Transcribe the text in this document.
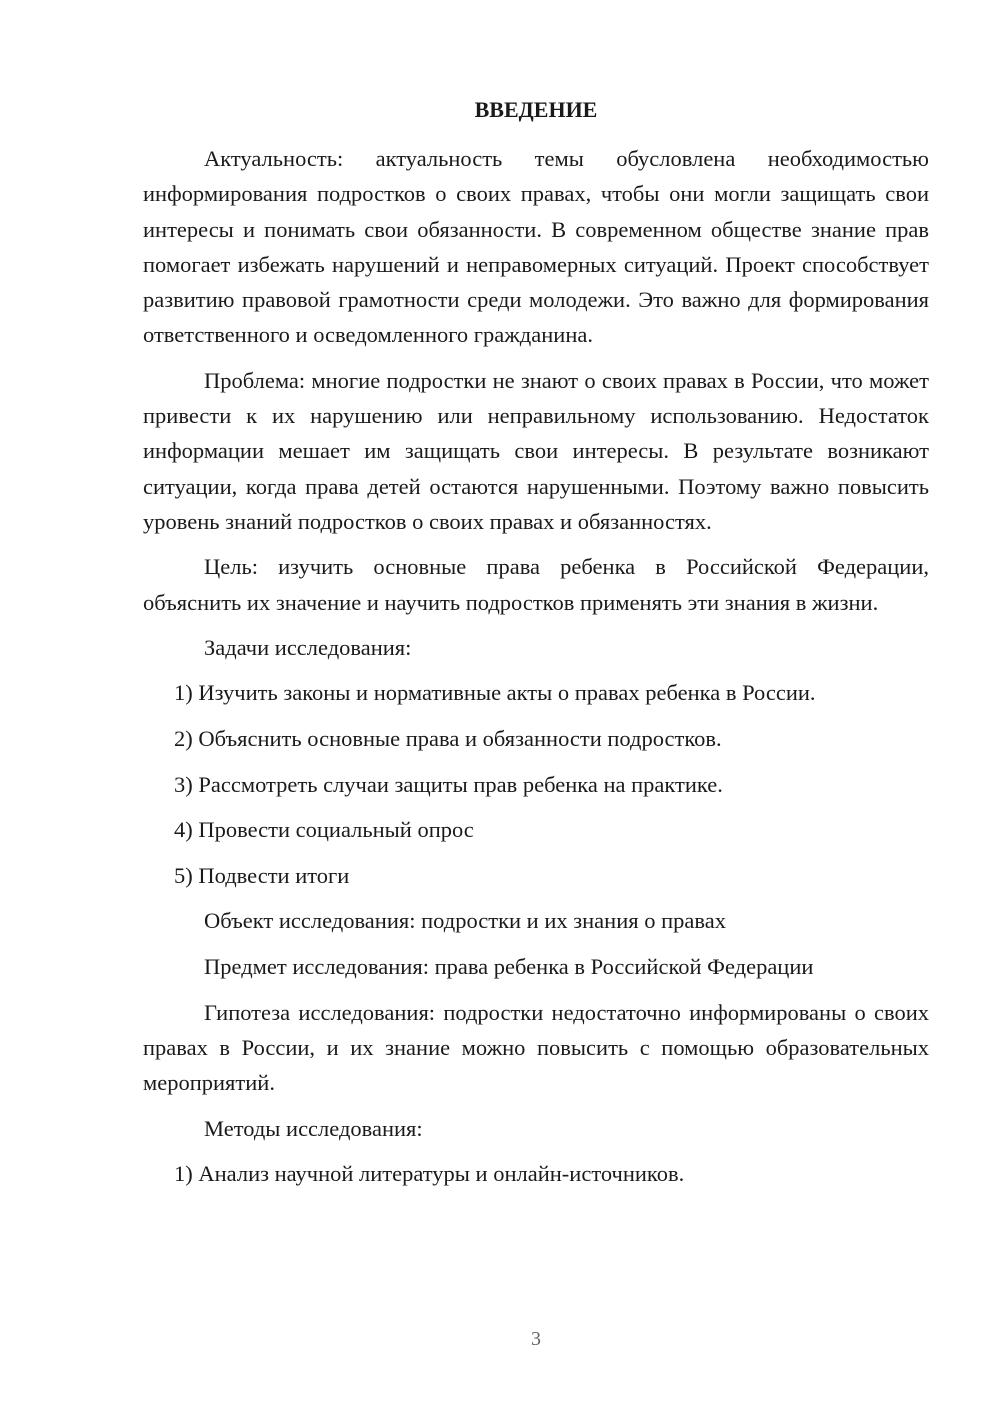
ВВЕДЕНИЕ

Актуальность: актуальность темы обусловлена необходимостью информирования подростков о своих правах, чтобы они могли защищать свои интересы и понимать свои обязанности. В современном обществе знание прав помогает избежать нарушений и неправомерных ситуаций. Проект способствует развитию правовой грамотности среди молодежи. Это важно для формирования ответственного и осведомленного гражданина.

Проблема: многие подростки не знают о своих правах в России, что может привести к их нарушению или неправильному использованию. Недостаток информации мешает им защищать свои интересы. В результате возникают ситуации, когда права детей остаются нарушенными. Поэтому важно повысить уровень знаний подростков о своих правах и обязанностях.

Цель: изучить основные права ребенка в Российской Федерации, объяснить их значение и научить подростков применять эти знания в жизни.

Задачи исследования:
1) Изучить законы и нормативные акты о правах ребенка в России.
2) Объяснить основные права и обязанности подростков.
3) Рассмотреть случаи защиты прав ребенка на практике.
4) Провести социальный опрос
5) Подвести итоги
Объект исследования: подростки и их знания о правах
Предмет исследования: права ребенка в Российской Федерации

Гипотеза исследования: подростки недостаточно информированы о своих правах в России, и их знание можно повысить с помощью образовательных мероприятий.

Методы исследования:
1) Анализ научной литературы и онлайн-источников.
3
